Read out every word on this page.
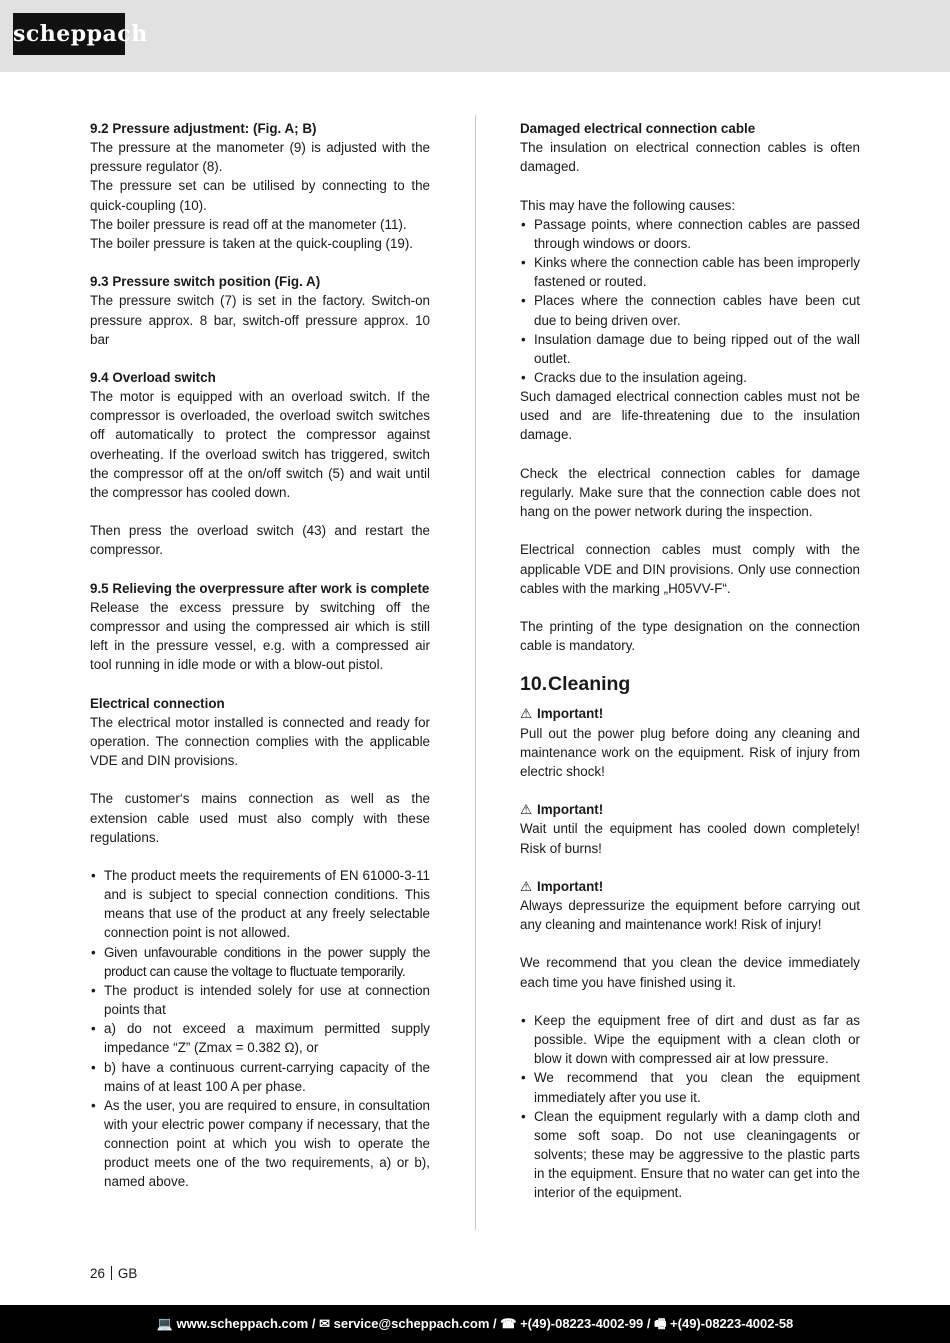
scheppach
9.2 Pressure adjustment: (Fig. A; B)

The pressure at the manometer (9) is adjusted with the pressure regulator (8).

The pressure set can be utilised by connecting to the quick-coupling (10).

The boiler pressure is read off at the manometer (11).

The boiler pressure is taken at the quick-coupling (19).

9.3 Pressure switch position (Fig. A)

The pressure switch (7) is set in the factory. Switch-on pressure approx. 8 bar, switch-off pressure approx. 10 bar

9.4 Overload switch

The motor is equipped with an overload switch. If the compressor is overloaded, the overload switch switches off automatically to protect the compressor against overheating. If the overload switch has triggered, switch the compressor off at the on/off switch (5) and wait until the compressor has cooled down.

Then press the overload switch (43) and restart the compressor.

9.5 Relieving the overpressure after work is complete

Release the excess pressure by switching off the compressor and using the compressed air which is still left in the pressure vessel, e.g. with a compressed air tool running in idle mode or with a blow-out pistol.

Electrical connection

The electrical motor installed is connected and ready for operation. The connection complies with the applicable VDE and DIN provisions.

The customer‘s mains connection as well as the extension cable used must also comply with these regulations.

• The product meets the requirements of EN 61000-3-11 and is subject to special connection conditions. This means that use of the product at any freely selectable connection point is not allowed.
• Given unfavourable conditions in the power supply the product can cause the voltage to fluctuate temporarily.
• The product is intended solely for use at connection points that
• a) do not exceed a maximum permitted supply impedance “Z” (Zmax = 0.382 Ω), or
• b) have a continuous current-carrying capacity of the mains of at least 100 A per phase.
• As the user, you are required to ensure, in consultation with your electric power company if necessary, that the connection point at which you wish to operate the product meets one of the two requirements, a) or b), named above.
Damaged electrical connection cable

The insulation on electrical connection cables is often damaged.

This may have the following causes:

• Passage points, where connection cables are passed through windows or doors.
• Kinks where the connection cable has been improperly fastened or routed.
• Places where the connection cables have been cut due to being driven over.
• Insulation damage due to being ripped out of the wall outlet.
• Cracks due to the insulation ageing.

Such damaged electrical connection cables must not be used and are life-threatening due to the insulation damage.

Check the electrical connection cables for damage regularly. Make sure that the connection cable does not hang on the power network during the inspection.

Electrical connection cables must comply with the applicable VDE and DIN provisions. Only use connection cables with the marking „H05VV-F“.

The printing of the type designation on the connection cable is mandatory.

10.Cleaning

⚠ Important!

Pull out the power plug before doing any cleaning and maintenance work on the equipment. Risk of injury from electric shock!

⚠ Important!

Wait until the equipment has cooled down completely! Risk of burns!

⚠ Important!

Always depressurize the equipment before carrying out any cleaning and maintenance work! Risk of injury!

We recommend that you clean the device immediately each time you have finished using it.

• Keep the equipment free of dirt and dust as far as possible. Wipe the equipment with a clean cloth or blow it down with compressed air at low pressure.
• We recommend that you clean the equipment immediately after you use it.
• Clean the equipment regularly with a damp cloth and some soft soap. Do not use cleaningagents or solvents; these may be aggressive to the plastic parts in the equipment. Ensure that no water can get into the interior of the equipment.
26 GB
💻 www.scheppach.com / ✉ service@scheppach.com / ☎ +(49)-08223-4002-99 / 🖷 +(49)-08223-4002-58
